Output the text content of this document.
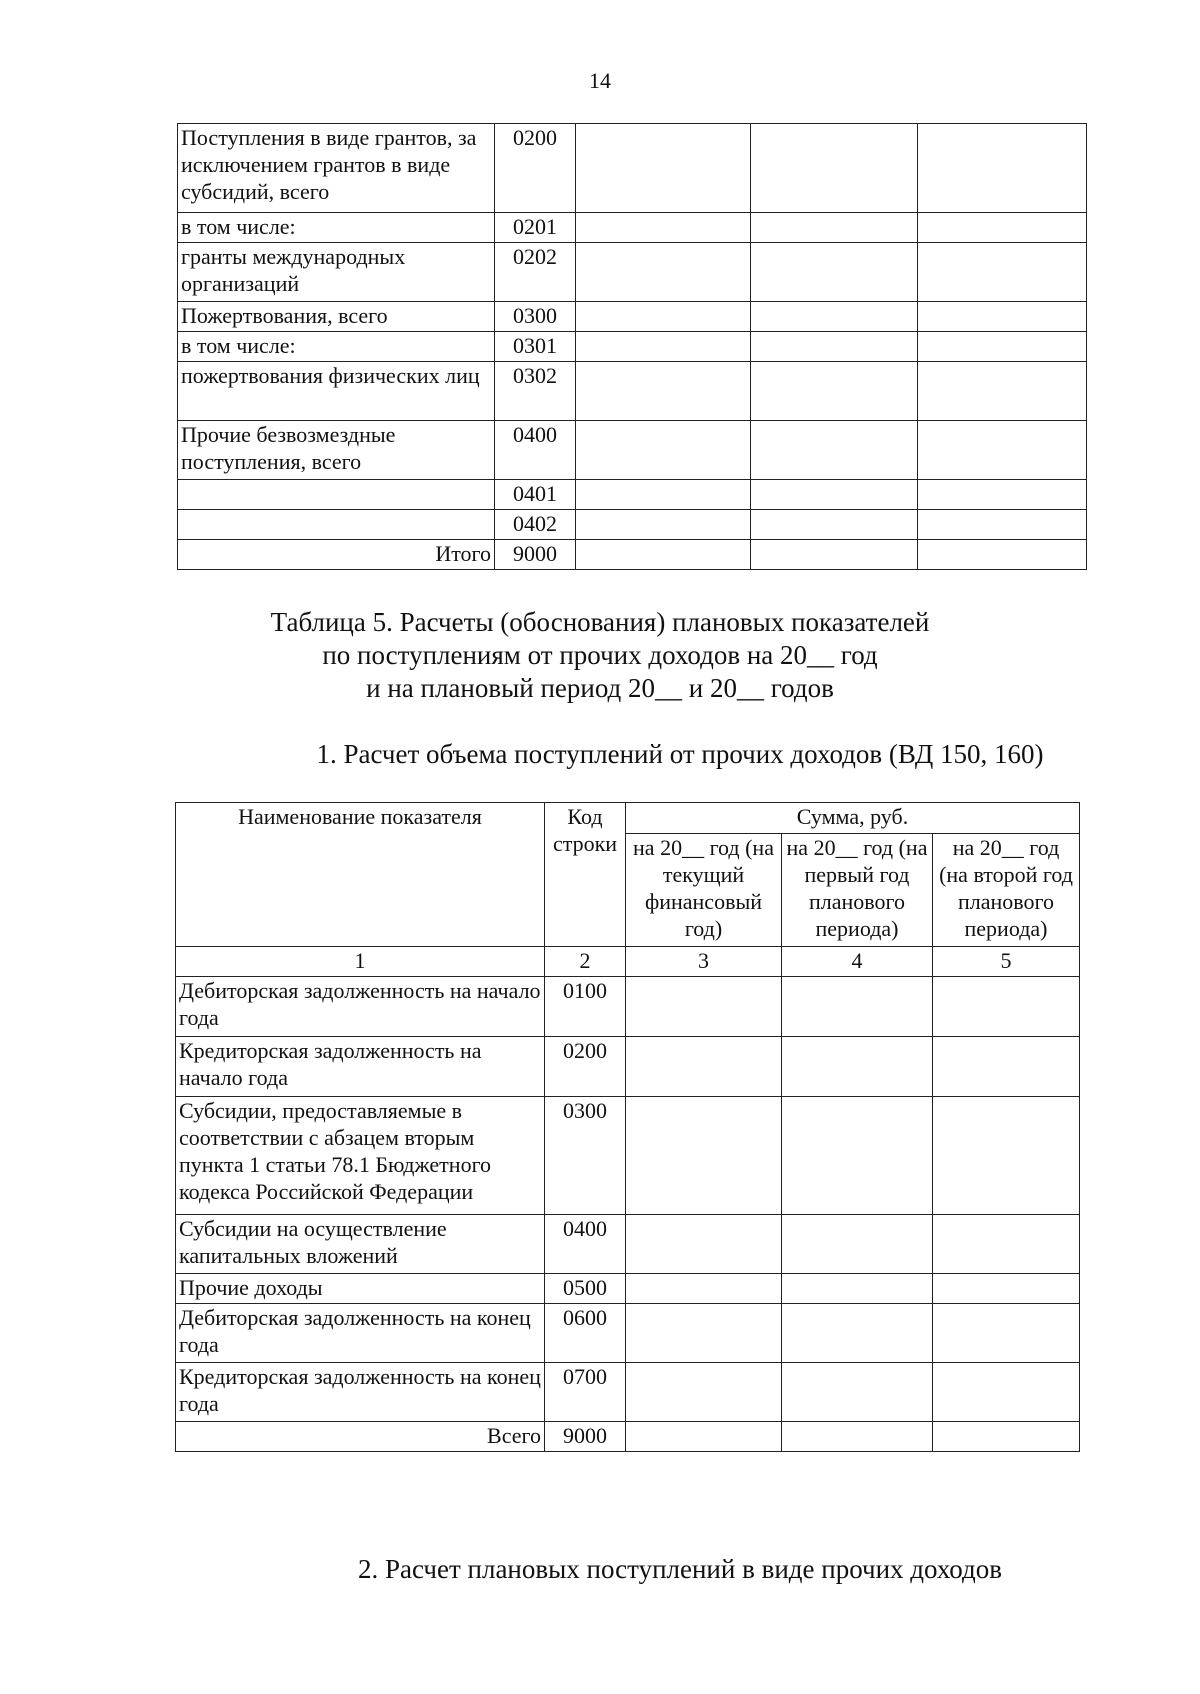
14
Поступления в виде грантов, за исключением грантов в виде субсидий, всего	0200			
в том числе:	0201			
гранты международных организаций	0202			
Пожертвования, всего	0300			
в том числе:	0301			
пожертвования физических лиц	0302			
Прочие безвозмездные поступления, всего	0400			
	0401			
	0402			
Итого	9000			
Таблица 5. Расчеты (обоснования) плановых показателей
по поступлениям от прочих доходов на 20__ год
и на плановый период 20__ и 20__ годов
1. Расчет объема поступлений от прочих доходов (ВД 150, 160)
Наименование показателя	Код строки	Сумма, руб.		
		на 20__ год (на текущий финансовый год)	на 20__ год (на первый год планового периода)	на 20__ год (на второй год планового периода)
1	2	3	4	5
Дебиторская задолженность на начало года	0100			
Кредиторская задолженность на начало года	0200			
Субсидии, предоставляемые в соответствии с абзацем вторым пункта 1 статьи 78.1 Бюджетного кодекса Российской Федерации	0300			
Субсидии на осуществление капитальных вложений	0400			
Прочие доходы	0500			
Дебиторская задолженность на конец года	0600			
Кредиторская задолженность на конец года	0700			
Всего	9000			
2. Расчет плановых поступлений в виде прочих доходов
